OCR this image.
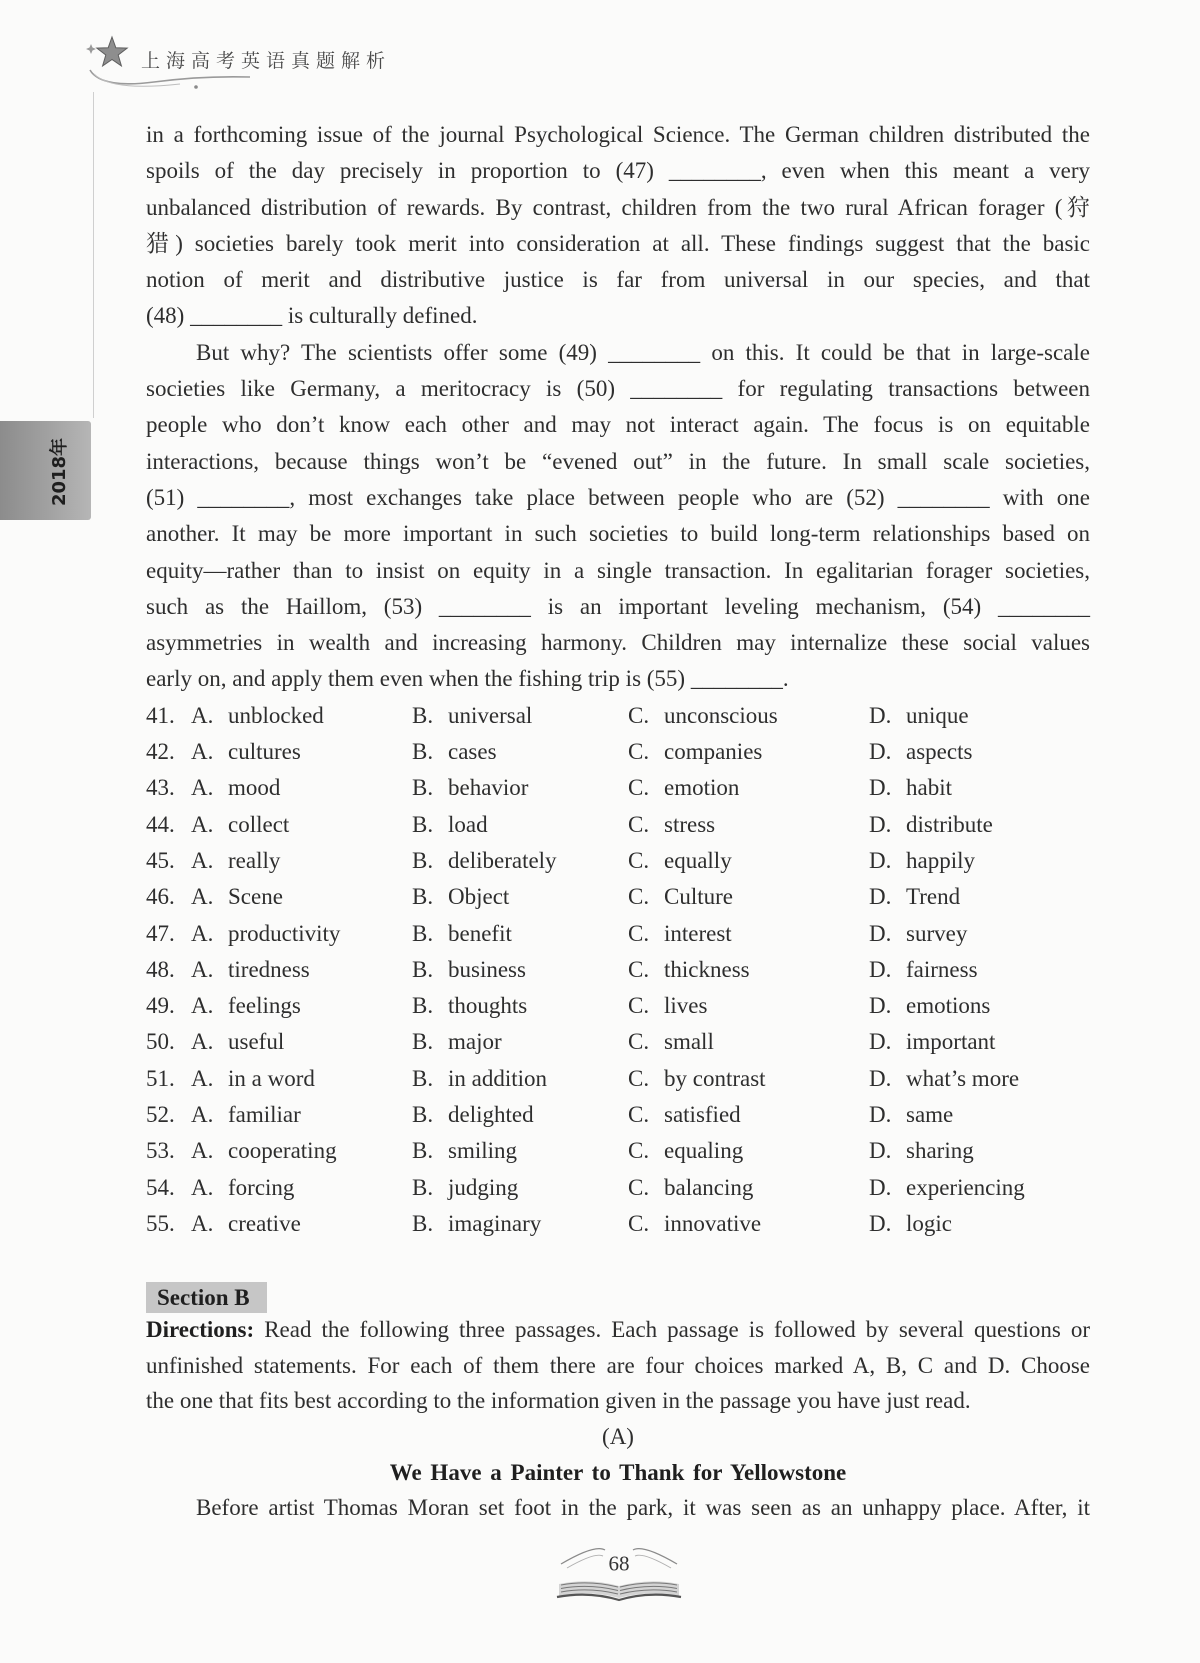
上海高考英语真题解析
2018年
in a forthcoming issue of the journal Psychological Science. The German children distributed the
spoils of the day precisely in proportion to (47) ________, even when this meant a very
unbalanced distribution of rewards. By contrast, children from the two rural African forager (狩
猎) societies barely took merit into consideration at all. These findings suggest that the basic
notion of merit and distributive justice is far from universal in our species, and that
(48) ________ is culturally defined.
But why? The scientists offer some (49) ________ on this. It could be that in large-scale
societies like Germany, a meritocracy is (50) ________ for regulating transactions between
people who don’t know each other and may not interact again. The focus is on equitable
interactions, because things won’t be “evened out” in the future. In small scale societies,
(51) ________, most exchanges take place between people who are (52) ________ with one
another. It may be more important in such societies to build long-term relationships based on
equity—rather than to insist on equity in a single transaction. In egalitarian forager societies,
such as the Haillom, (53) ________ is an important leveling mechanism, (54) ________
asymmetries in wealth and increasing harmony. Children may internalize these social values
early on, and apply them even when the fishing trip is (55) ________.
41. A. unblocked	B. universal	C. unconscious	D. unique
42. A. cultures	B. cases	C. companies	D. aspects
43. A. mood	B. behavior	C. emotion	D. habit
44. A. collect	B. load	C. stress	D. distribute
45. A. really	B. deliberately	C. equally	D. happily
46. A. Scene	B. Object	C. Culture	D. Trend
47. A. productivity	B. benefit	C. interest	D. survey
48. A. tiredness	B. business	C. thickness	D. fairness
49. A. feelings	B. thoughts	C. lives	D. emotions
50. A. useful	B. major	C. small	D. important
51. A. in a word	B. in addition	C. by contrast	D. what’s more
52. A. familiar	B. delighted	C. satisfied	D. same
53. A. cooperating	B. smiling	C. equaling	D. sharing
54. A. forcing	B. judging	C. balancing	D. experiencing
55. A. creative	B. imaginary	C. innovative	D. logic
Section B
Directions: Read the following three passages. Each passage is followed by several questions or
unfinished statements. For each of them there are four choices marked A, B, C and D. Choose
the one that fits best according to the information given in the passage you have just read.
(A)
We Have a Painter to Thank for Yellowstone
Before artist Thomas Moran set foot in the park, it was seen as an unhappy place. After, it
68
